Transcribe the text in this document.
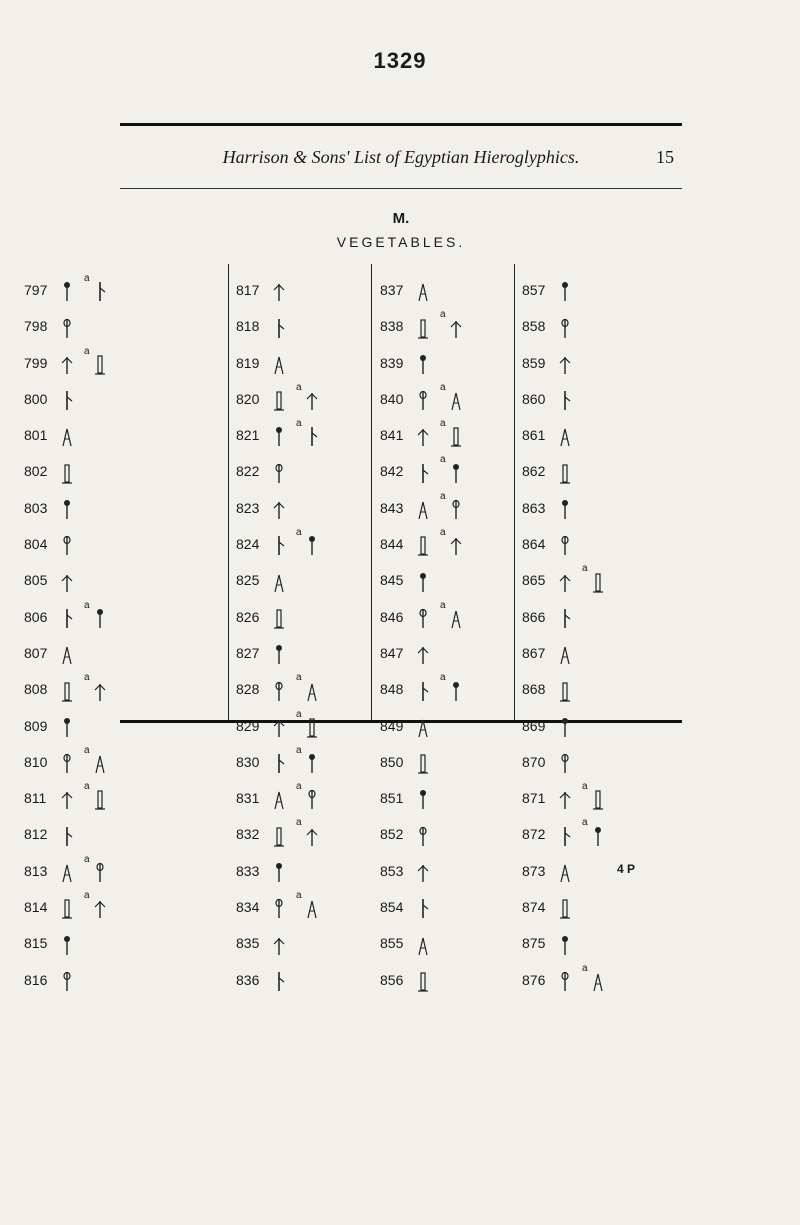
1329
Harrison & Sons' List of Egyptian Hieroglyphics.	15
M.
VEGETABLES.
797
$^a$
798
799
$^a$
800
801
802
803
804
805
806
$^a$
807
808
$^a$
809
810
$^a$
811
$^a$
812
813
$^a$
814
$^a$
815
816
817
818
819
820
$^a$
821
$^a$
822
823
824
$^a$
825
826
827
828
$^a$
829
$^a$
830
$^a$
831
$^a$
832
$^a$
833
834
$^a$
835
836
837
838
$^a$
839
840
$^a$
841
$^a$
842
$^a$
843
$^a$
844
$^a$
845
846
$^a$
847
848
$^a$
849
850
851
852
853
854
855
856
857
858
859
860
861
862
863
864
865
$^a$
866
867
868
869
870
871
$^a$
872
$^a$
873
874
875
876
$^a$
4 P
